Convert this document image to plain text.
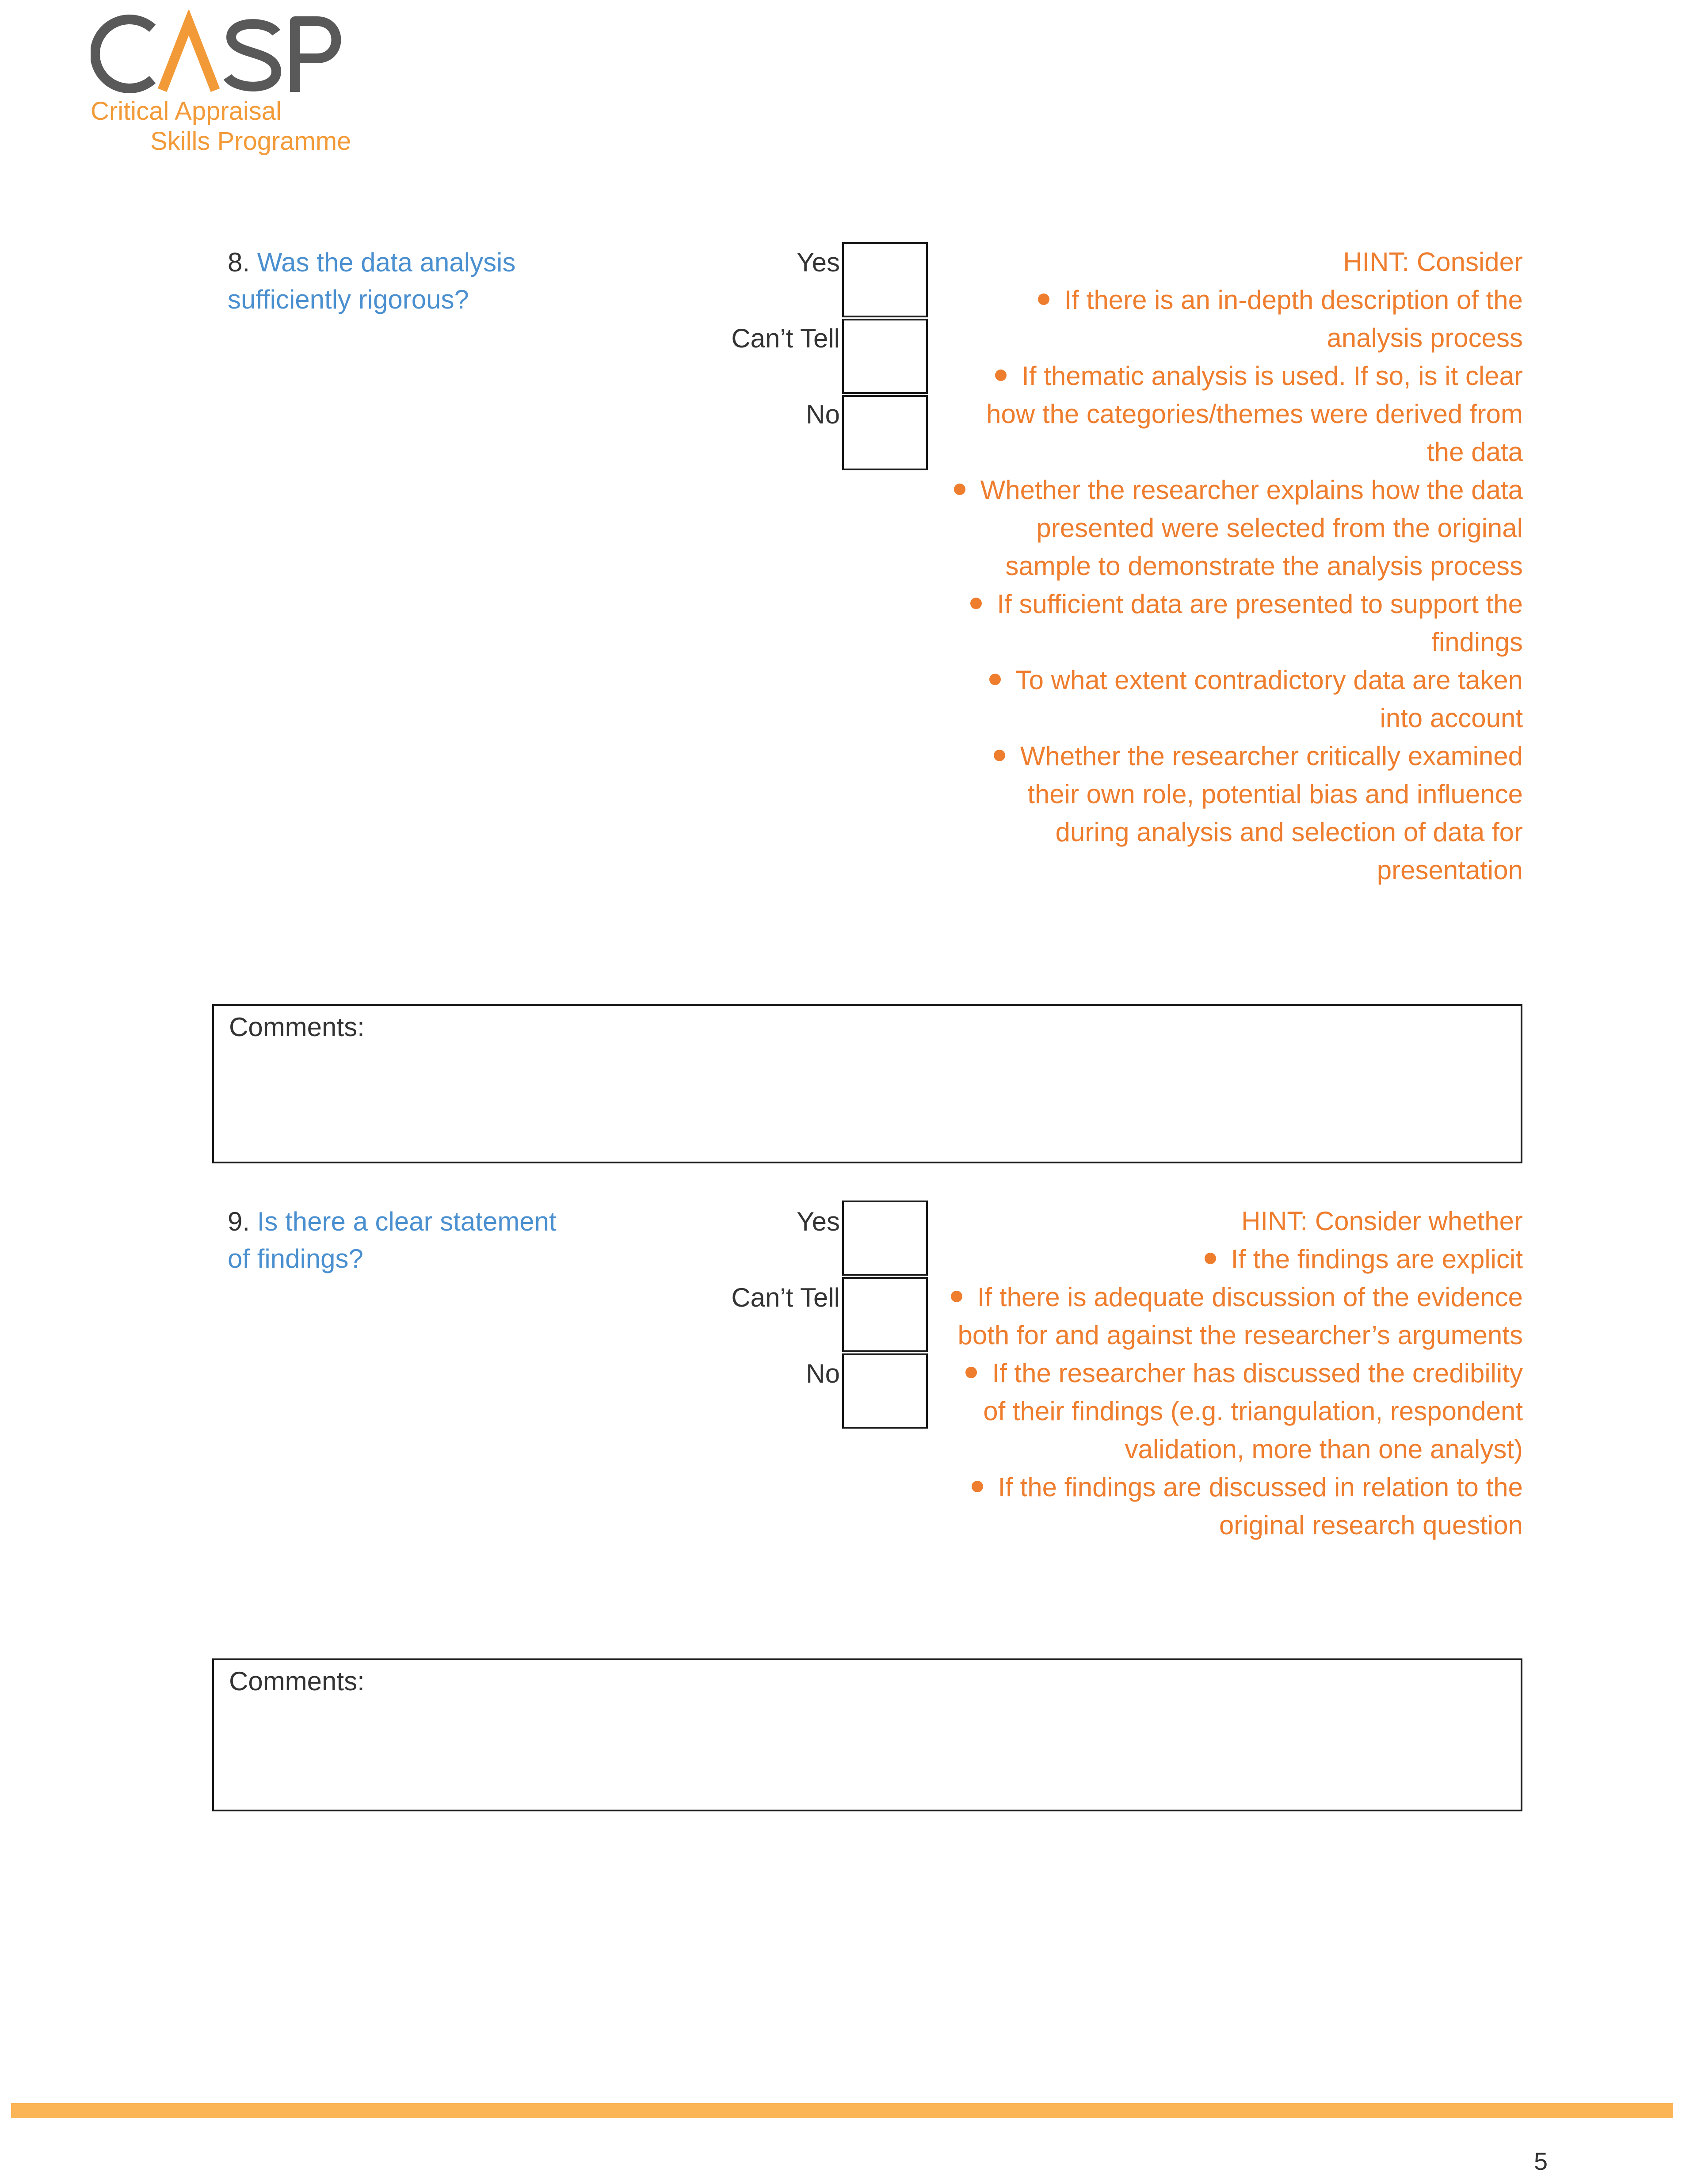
Critical Appraisal
Skills Programme
8. Was the data analysis
sufficiently rigorous?
Yes
Can’t Tell
No
HINT: Consider
If there is an in-depth description of the analysis process
If thematic analysis is used. If so, is it clear how the categories/themes were derived from the data
Whether the researcher explains how the data presented were selected from the original sample to demonstrate the analysis process
If sufficient data are presented to support the findings
To what extent contradictory data are taken into account
Whether the researcher critically examined their own role, potential bias and influence during analysis and selection of data for presentation
Comments:
9. Is there a clear statement
of findings?
Yes
Can’t Tell
No
HINT: Consider whether
If the findings are explicit
If there is adequate discussion of the evidence both for and against the researcher’s arguments
If the researcher has discussed the credibility of their findings (e.g. triangulation, respondent validation, more than one analyst)
If the findings are discussed in relation to the original research question
Comments:
5
